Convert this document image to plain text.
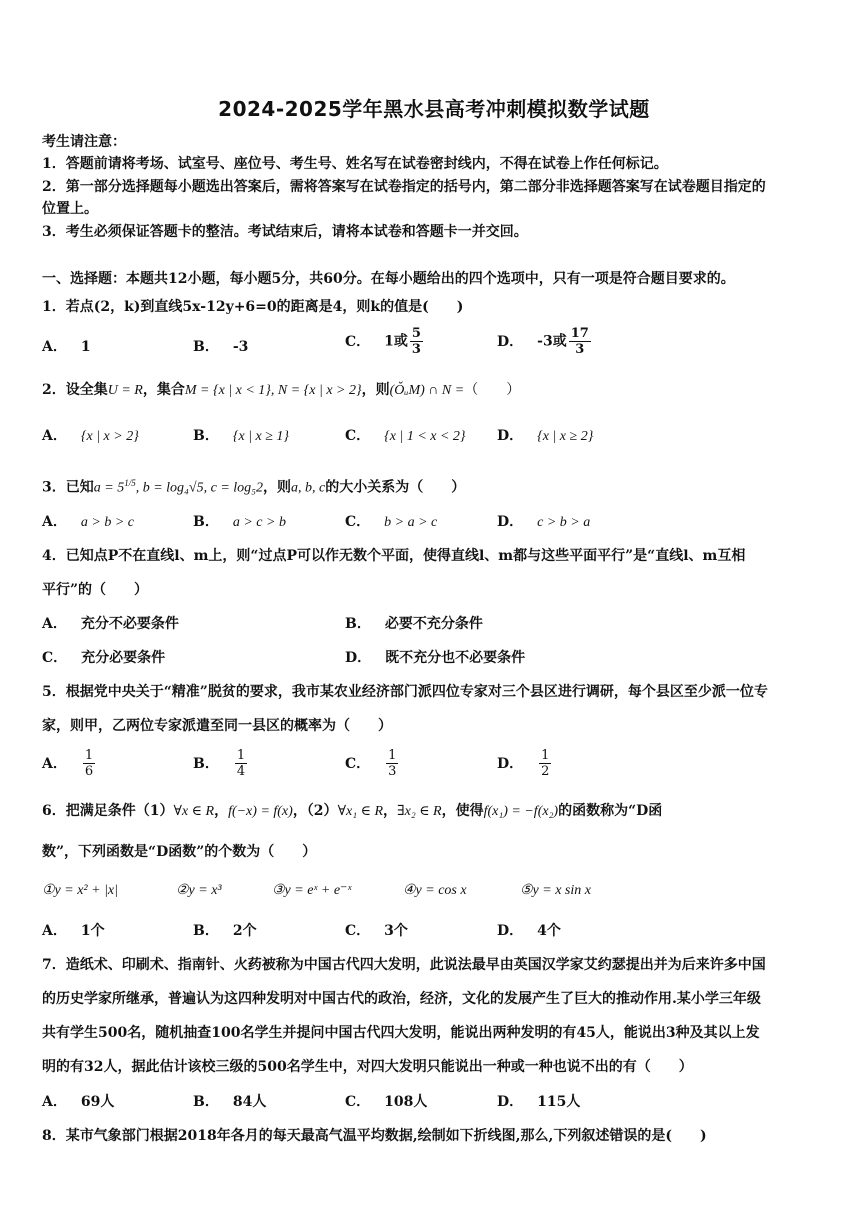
2024-2025学年黑水县高考冲刺模拟数学试题
考生请注意：
1．答题前请将考场、试室号、座位号、考生号、姓名写在试卷密封线内，不得在试卷上作任何标记。
2．第一部分选择题每小题选出答案后，需将答案写在试卷指定的括号内，第二部分非选择题答案写在试卷题目指定的
位置上。
3．考生必须保证答题卡的整洁。考试结束后，请将本试卷和答题卡一并交回。
一、选择题：本题共12小题，每小题5分，共60分。在每小题给出的四个选项中，只有一项是符合题目要求的。
1．若点(2，k)到直线5x-12y+6=0的距离是4，则k的值是(　　)
A． 1	B． -3	C． 1或 $\frac{5}{3}$	D． -3或 $\frac{17}{3}$
2．设全集U = R，集合M = {x | x < 1}, N = {x | x > 2}，则(ǑᵤM) ∩ N =（　　）
A． {x | x > 2}	B． {x | x ≥ 1}	C． {x | 1 < x < 2} D． {x | x ≥ 2}
3．已知$a = 5^{1/5}$, b = log₄√5, c = log₅2，则a, b, c的大小关系为（　　）
A． a > b > c	B． a > c > b	C． b > a > c	D． c > b > a
4．已知点P不在直线l、m上，则“过点P可以作无数个平面，使得直线l、m都与这些平面平行”是“直线l、m互相
平行”的（　　）
A． 充分不必要条件	B． 必要不充分条件
C． 充分必要条件	D． 既不充分也不必要条件
5．根据党中央关于“精准”脱贫的要求，我市某农业经济部门派四位专家对三个县区进行调研，每个县区至少派一位专
家，则甲，乙两位专家派遣至同一县区的概率为（　　）
A． $\frac{1}{6}$	B． $\frac{1}{4}$	C． $\frac{1}{3}$	D． $\frac{1}{2}$
6．把满足条件（1）∀x ∈ R，f(−x) = f(x)，（2）∀x₁ ∈ R，∃x₂ ∈ R，使得f(x₁) = −f(x₂)的函数称为“D函
数”，下列函数是“D函数”的个数为（　　）
①y = x² + |x|	②y = x³	③y = eˣ + e⁻ˣ	④y = cos x	⑤y = x sin x
A． 1个	B． 2个	C． 3个	D． 4个
7．造纸术、印刷术、指南针、火药被称为中国古代四大发明，此说法最早由英国汉学家艾约瑟提出并为后来许多中国
的历史学家所继承，普遍认为这四种发明对中国古代的政治，经济，文化的发展产生了巨大的推动作用.某小学三年级
共有学生500名，随机抽查100名学生并提问中国古代四大发明，能说出两种发明的有45人，能说出3种及其以上发
明的有32人，据此估计该校三级的500名学生中，对四大发明只能说出一种或一种也说不出的有（　　）
A． 69人	B． 84人	C． 108人	D． 115人
8．某市气象部门根据2018年各月的每天最高气温平均数据,绘制如下折线图,那么,下列叙述错误的是(　　)
